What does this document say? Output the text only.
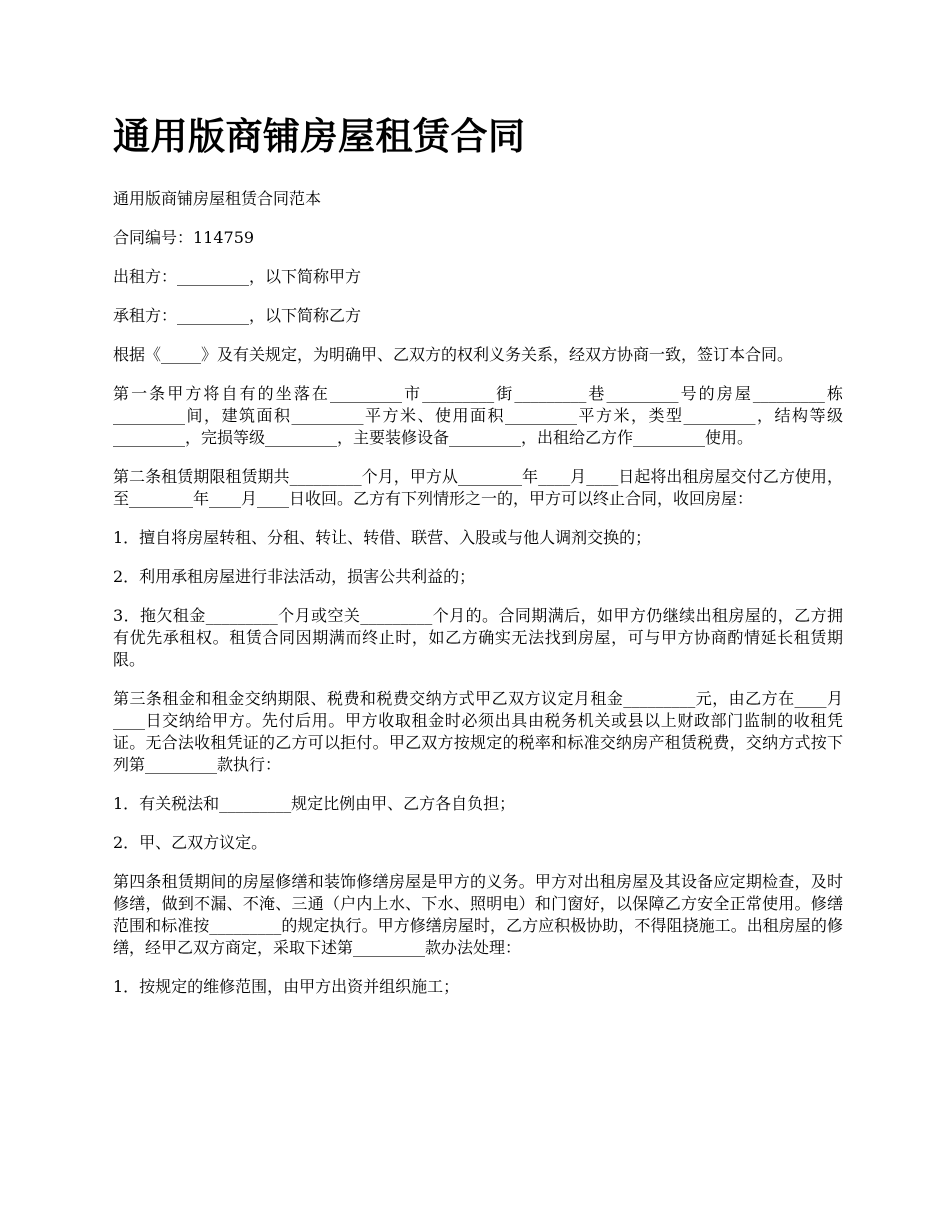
通用版商铺房屋租赁合同

通用版商铺房屋租赁合同范本

合同编号：114759

出租方：_________，以下简称甲方

承租方：_________，以下简称乙方

根据《_____》及有关规定，为明确甲、乙双方的权利义务关系，经双方协商一致，签订本合同。

第一条甲方将自有的坐落在_________市_________街_________巷_________号的房屋_________栋_________间，建筑面积_________平方米、使用面积_________平方米，类型_________，结构等级_________，完损等级_________，主要装修设备_________，出租给乙方作_________使用。

第二条租赁期限租赁期共_________个月，甲方从________年____月____日起将出租房屋交付乙方使用，至________年____月____日收回。乙方有下列情形之一的，甲方可以终止合同，收回房屋：

1．擅自将房屋转租、分租、转让、转借、联营、入股或与他人调剂交换的；

2．利用承租房屋进行非法活动，损害公共利益的；

3．拖欠租金_________个月或空关_________个月的。合同期满后，如甲方仍继续出租房屋的，乙方拥有优先承租权。租赁合同因期满而终止时，如乙方确实无法找到房屋，可与甲方协商酌情延长租赁期限。

第三条租金和租金交纳期限、税费和税费交纳方式甲乙双方议定月租金_________元，由乙方在____月____日交纳给甲方。先付后用。甲方收取租金时必须出具由税务机关或县以上财政部门监制的收租凭证。无合法收租凭证的乙方可以拒付。甲乙双方按规定的税率和标准交纳房产租赁税费，交纳方式按下列第_________款执行：

1．有关税法和_________规定比例由甲、乙方各自负担；

2．甲、乙双方议定。

第四条租赁期间的房屋修缮和装饰修缮房屋是甲方的义务。甲方对出租房屋及其设备应定期检查，及时修缮，做到不漏、不淹、三通（户内上水、下水、照明电）和门窗好，以保障乙方安全正常使用。修缮范围和标准按_________的规定执行。甲方修缮房屋时，乙方应积极协助，不得阻挠施工。出租房屋的修缮，经甲乙双方商定，采取下述第_________款办法处理：

1．按规定的维修范围，由甲方出资并组织施工；
